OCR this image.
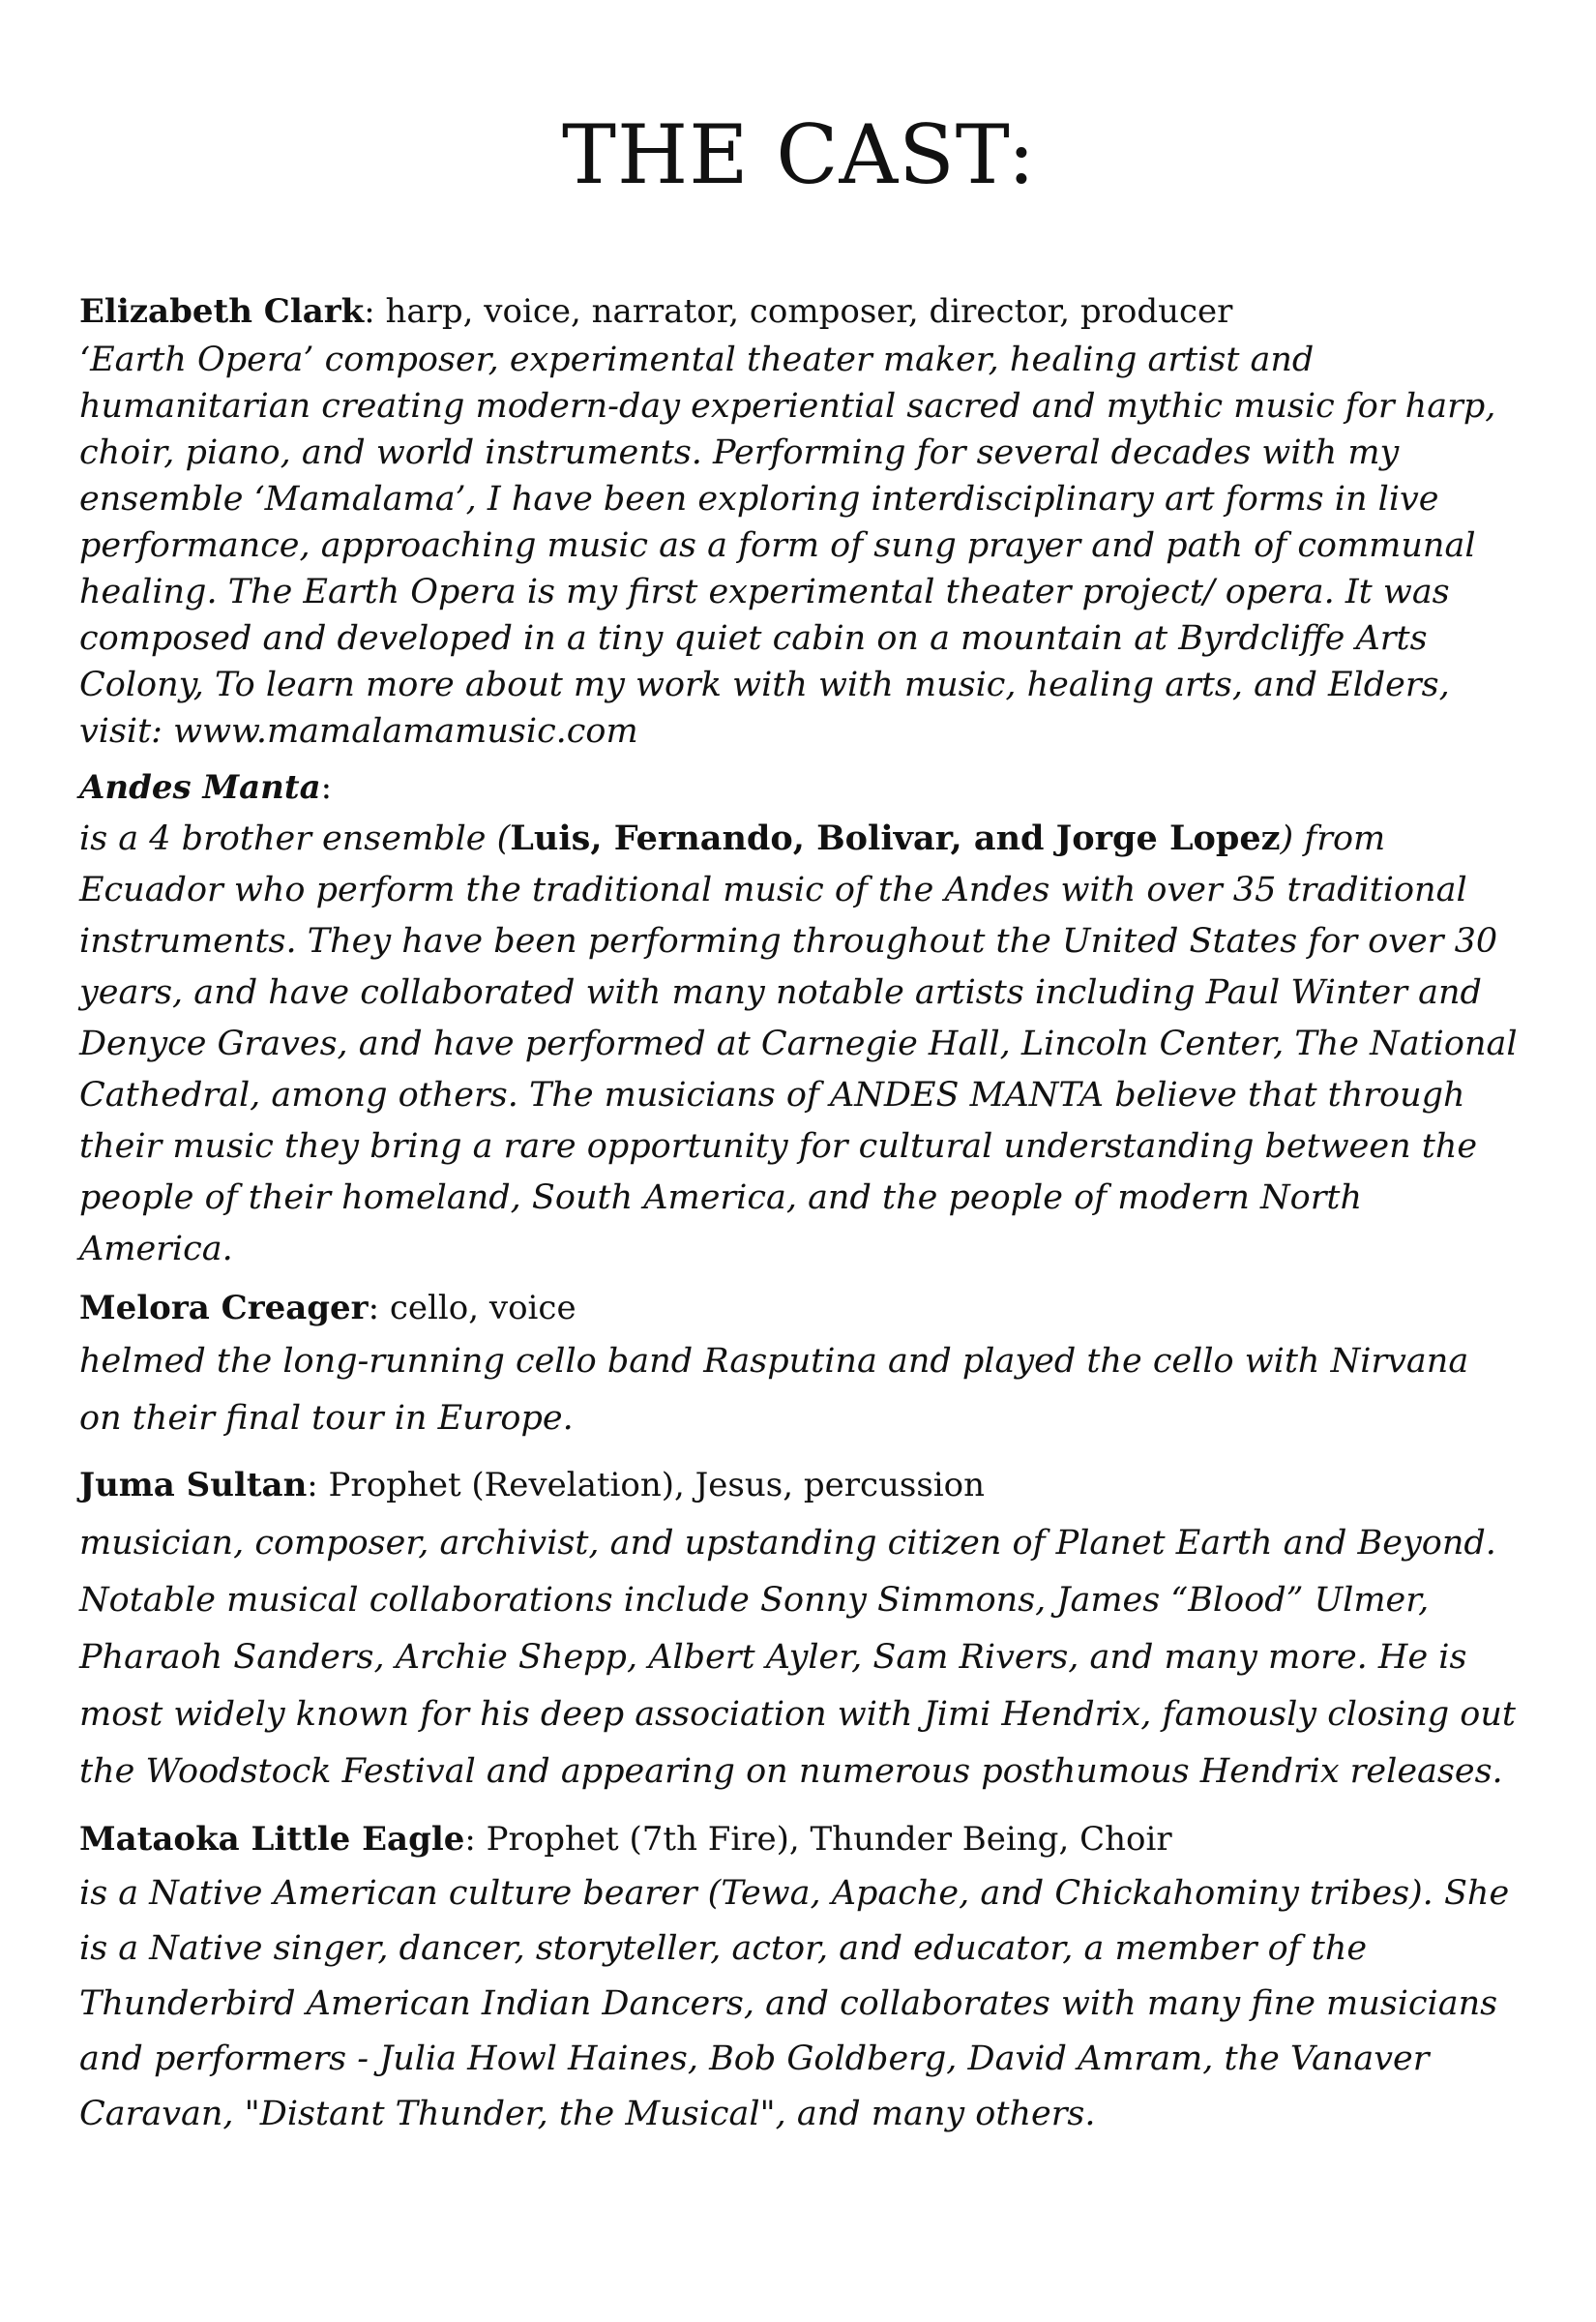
THE CAST:

Elizabeth Clark: harp, voice, narrator, composer, director, producer

‘Earth Opera’ composer, experimental theater maker, healing artist and humanitarian creating modern-day experiential sacred and mythic music for harp, choir, piano, and world instruments. Performing for several decades with my ensemble ‘Mamalama’, I have been exploring interdisciplinary art forms in live performance, approaching music as a form of sung prayer and path of communal healing. The Earth Opera is my first experimental theater project/ opera. It was composed and developed in a tiny quiet cabin on a mountain at Byrdcliffe Arts Colony, To learn more about my work with with music, healing arts, and Elders, visit: www.mamalamamusic.com

Andes Manta:

is a 4 brother ensemble (Luis, Fernando, Bolivar, and Jorge Lopez) from Ecuador who perform the traditional music of the Andes with over 35 traditional instruments. They have been performing throughout the United States for over 30 years, and have collaborated with many notable artists including Paul Winter and Denyce Graves, and have performed at Carnegie Hall, Lincoln Center, The National Cathedral, among others. The musicians of ANDES MANTA believe that through their music they bring a rare opportunity for cultural understanding between the people of their homeland, South America, and the people of modern North America.

Melora Creager: cello, voice

helmed the long-running cello band Rasputina and played the cello with Nirvana on their final tour in Europe.

Juma Sultan: Prophet (Revelation), Jesus, percussion

musician, composer, archivist, and upstanding citizen of Planet Earth and Beyond. Notable musical collaborations include Sonny Simmons, James “Blood” Ulmer, Pharaoh Sanders, Archie Shepp, Albert Ayler, Sam Rivers, and many more. He is most widely known for his deep association with Jimi Hendrix, famously closing out the Woodstock Festival and appearing on numerous posthumous Hendrix releases.

Mataoka Little Eagle: Prophet (7th Fire), Thunder Being, Choir

is a Native American culture bearer (Tewa, Apache, and Chickahominy tribes). She is a Native singer, dancer, storyteller, actor, and educator, a member of the Thunderbird American Indian Dancers, and collaborates with many fine musicians and performers - Julia Howl Haines, Bob Goldberg, David Amram, the Vanaver Caravan, "Distant Thunder, the Musical", and many others.
